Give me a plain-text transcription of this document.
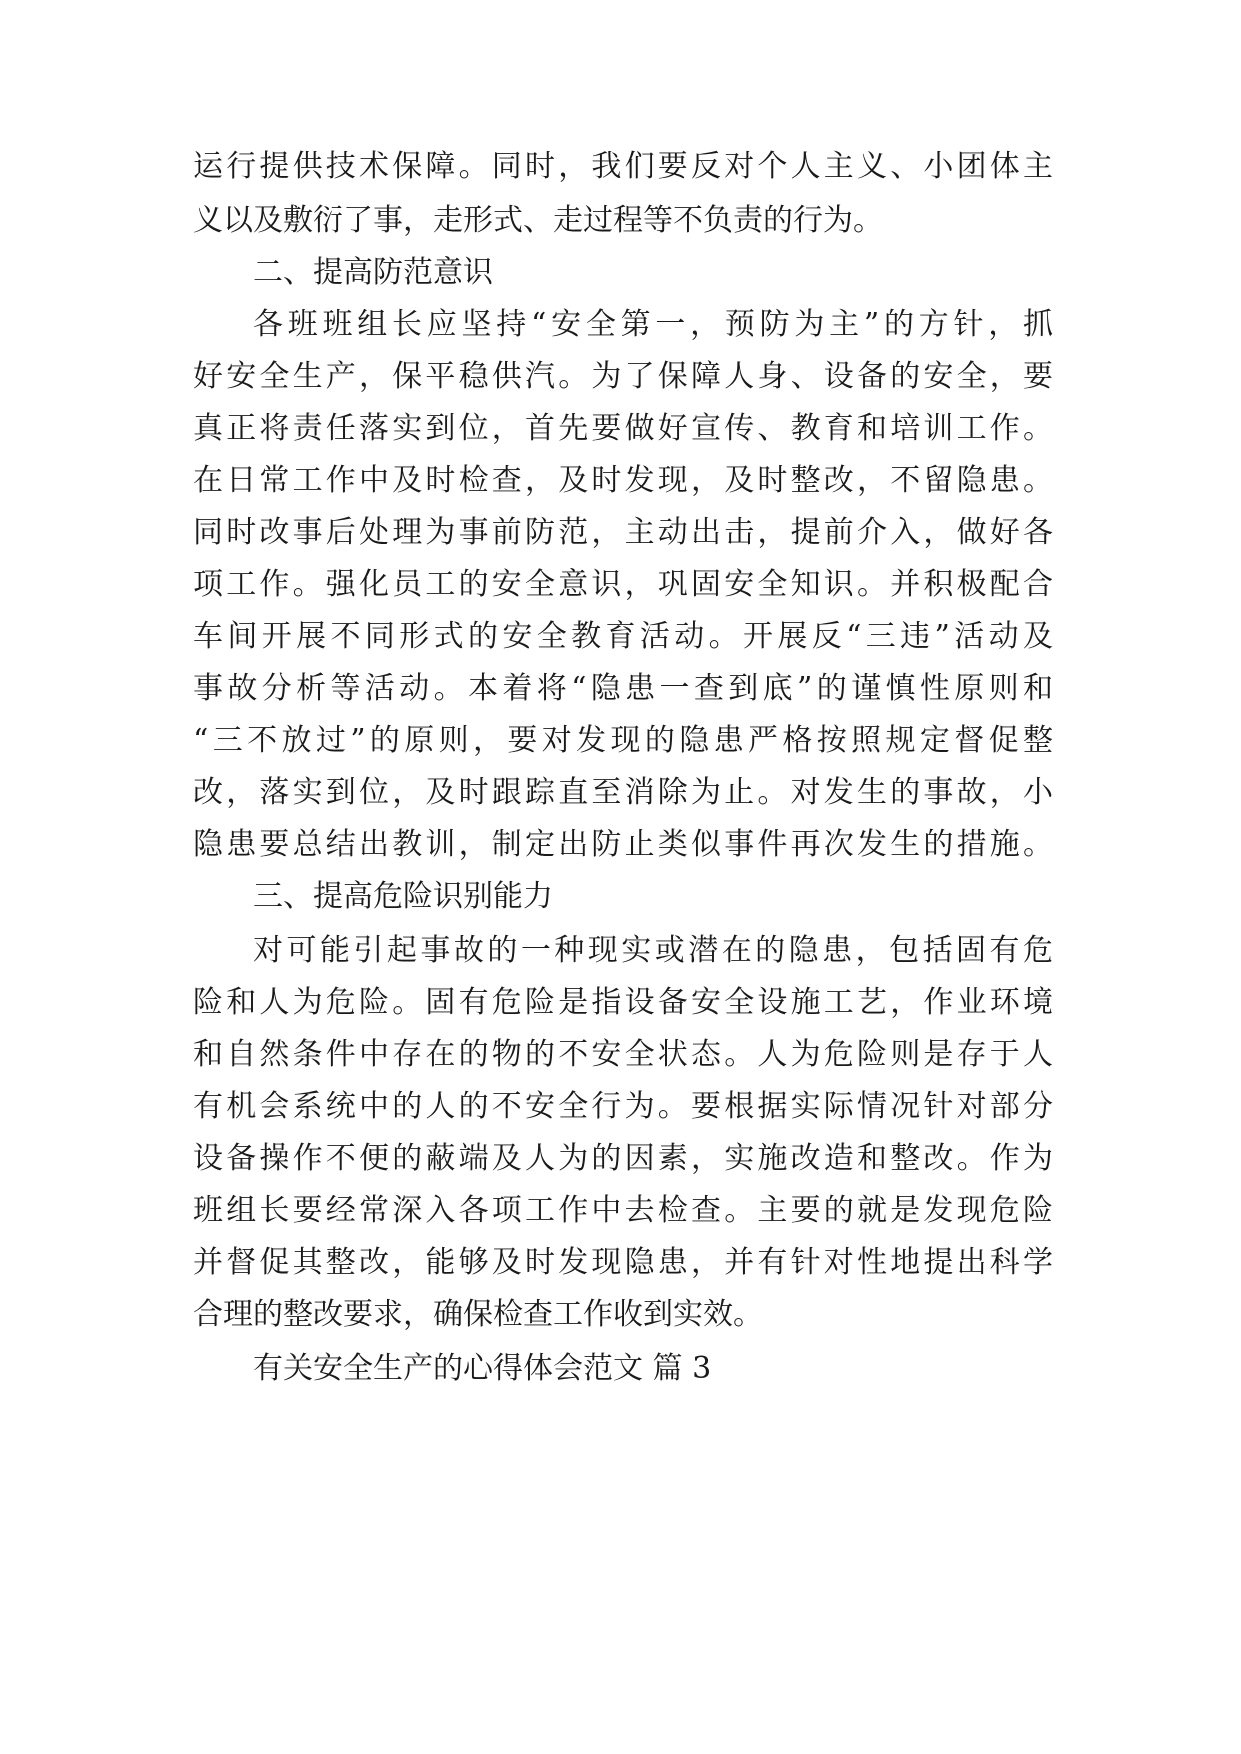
运行提供技术保障。同时，我们要反对个人主义、小团体主
义以及敷衍了事，走形式、走过程等不负责的行为。
二、提高防范意识
各班班组长应坚持“安全第一，预防为主”的方针，抓
好安全生产，保平稳供汽。为了保障人身、设备的安全，要
真正将责任落实到位，首先要做好宣传、教育和培训工作。
在日常工作中及时检查，及时发现，及时整改，不留隐患。
同时改事后处理为事前防范，主动出击，提前介入，做好各
项工作。强化员工的安全意识，巩固安全知识。并积极配合
车间开展不同形式的安全教育活动。开展反“三违”活动及
事故分析等活动。本着将“隐患一查到底”的谨慎性原则和
“三不放过”的原则，要对发现的隐患严格按照规定督促整
改，落实到位，及时跟踪直至消除为止。对发生的事故，小
隐患要总结出教训，制定出防止类似事件再次发生的措施。
三、提高危险识别能力
对可能引起事故的一种现实或潜在的隐患，包括固有危
险和人为危险。固有危险是指设备安全设施工艺，作业环境
和自然条件中存在的物的不安全状态。人为危险则是存于人
有机会系统中的人的不安全行为。要根据实际情况针对部分
设备操作不便的蔽端及人为的因素，实施改造和整改。作为
班组长要经常深入各项工作中去检查。主要的就是发现危险
并督促其整改，能够及时发现隐患，并有针对性地提出科学
合理的整改要求，确保检查工作收到实效。
有关安全生产的心得体会范文 篇 3
